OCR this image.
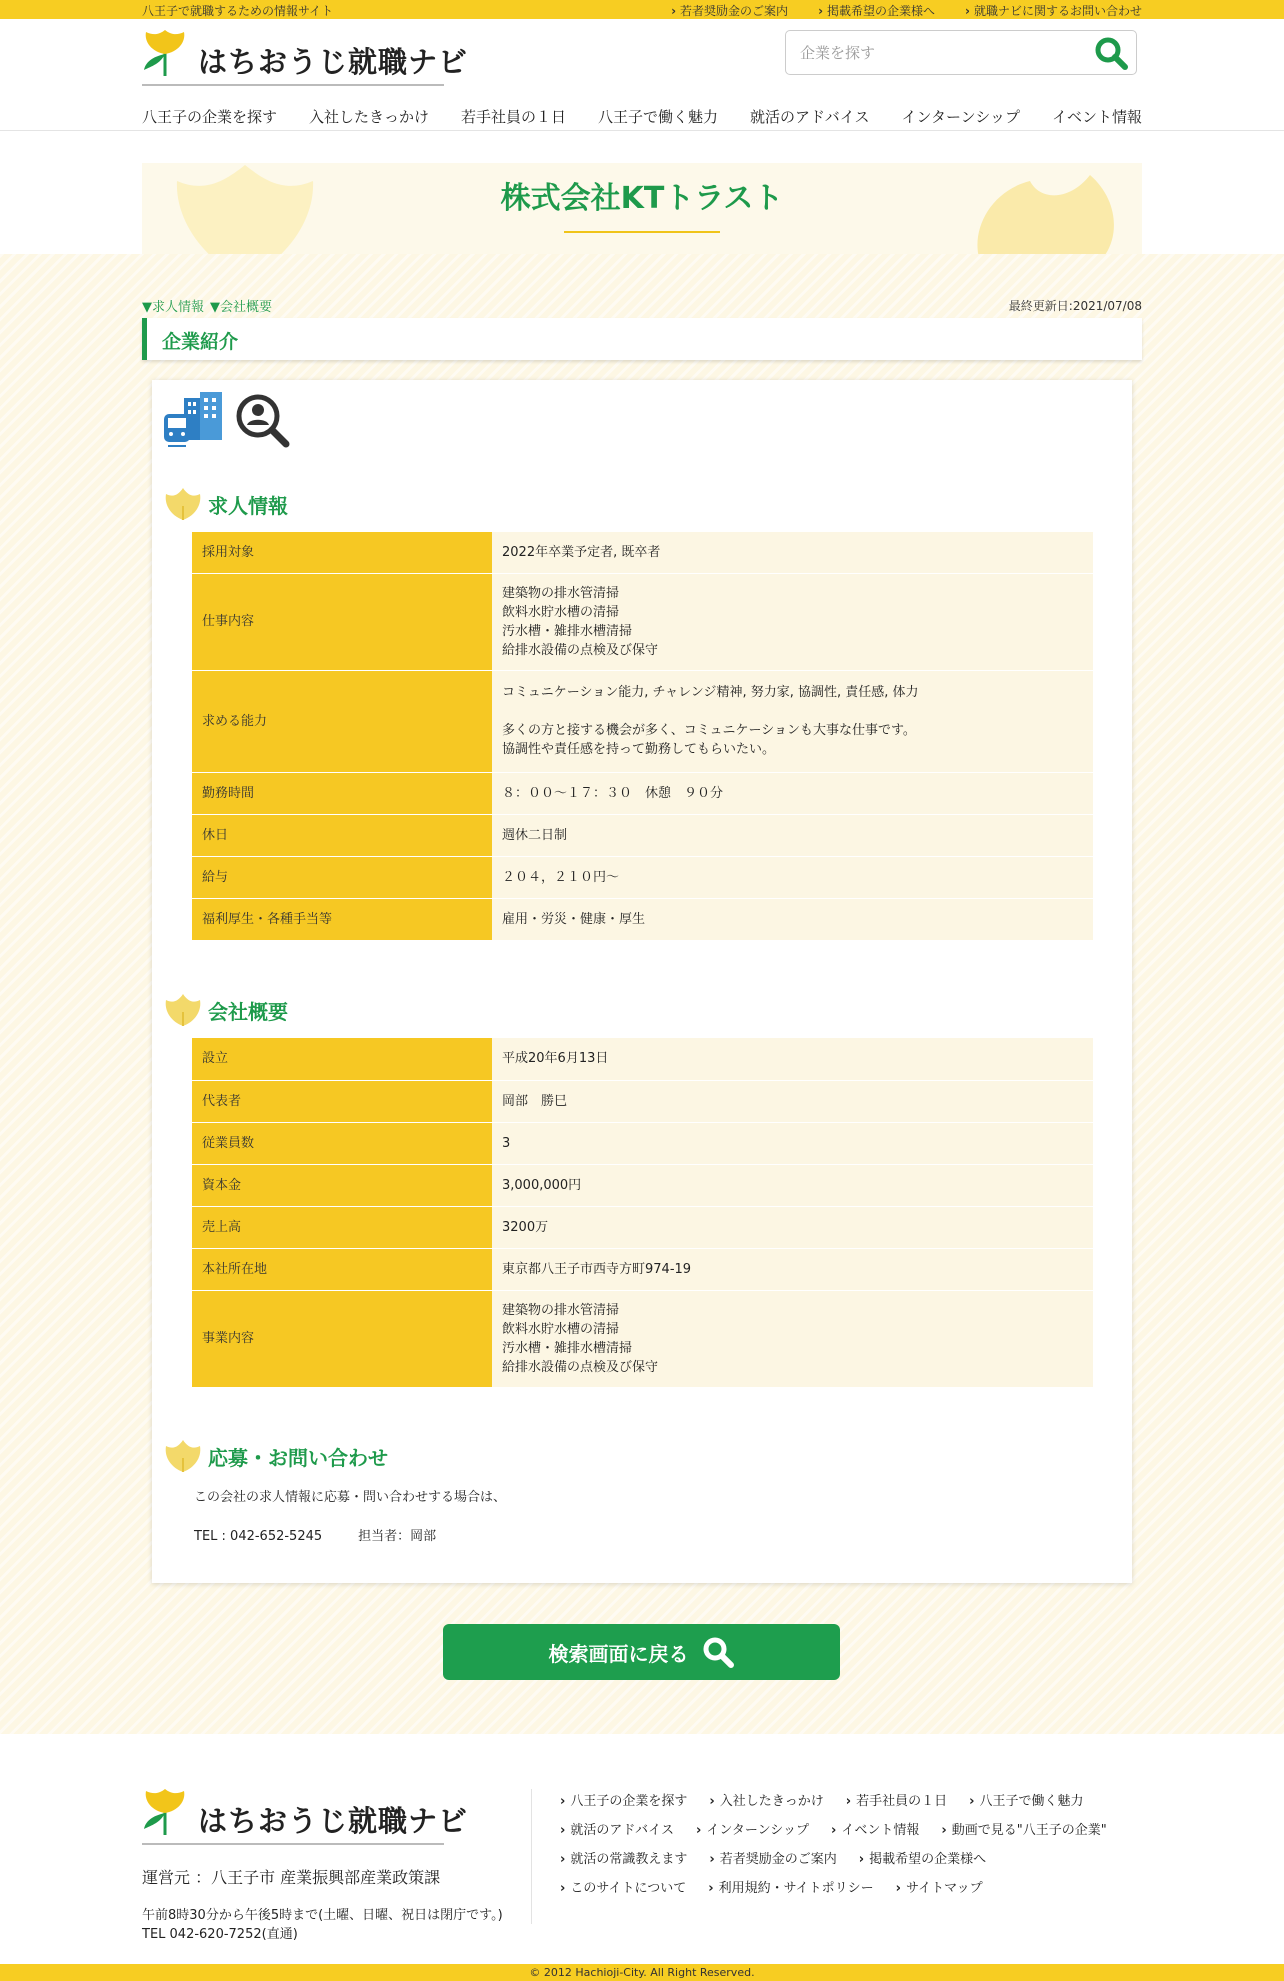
八王子で就職するための情報サイト	› 若者奨励金のご案内	› 掲載希望の企業様へ	› 就職ナビに関するお問い合わせ
はちおうじ就職ナビ
企業を探す
八王子の企業を探す 入社したきっかけ 若手社員の１日 八王子で働く魅力 就活のアドバイス インターンシップ イベント情報
株式会社KTトラスト
▼求人情報 ▼会社概要	最終更新日:2021/07/08
企業紹介
求人情報
採用対象	2022年卒業予定者, 既卒者

仕事内容	建築物の排水管清掃
飲料水貯水槽の清掃
汚水槽・雑排水槽清掃
給排水設備の点検及び保守

求める能力	コミュニケーション能力, チャレンジ精神, 努力家, 協調性, 責任感, 体力
多くの方と接する機会が多く、コミュニケーションも大事な仕事です。
協調性や責任感を持って勤務してもらいたい。

勤務時間	８：００～１７：３０　休憩　９０分

休日	週休二日制

給与	２０４，２１０円～

福利厚生・各種手当等	雇用・労災・健康・厚生
会社概要
設立	平成20年6月13日

代表者	岡部　勝巳

従業員数	3

資本金	3,000,000円

売上高	3200万

本社所在地	東京都八王子市西寺方町974-19

事業内容	建築物の排水管清掃
飲料水貯水槽の清掃
汚水槽・雑排水槽清掃
給排水設備の点検及び保守
応募・お問い合わせ
この会社の求人情報に応募・問い合わせする場合は、
TEL : 042-652-5245	担当者：岡部
検索画面に戻る
はちおうじ就職ナビ
運営元 ：八王子市 産業振興部産業政策課
午前8時30分から午後5時まで(土曜、日曜、祝日は閉庁です。)
TEL 042-620-7252(直通)
› 八王子の企業を探す	› 入社したきっかけ	› 若手社員の１日	› 八王子で働く魅力
› 就活のアドバイス	› インターンシップ	› イベント情報	› 動画で見る"八王子の企業"
› 就活の常識教えます	› 若者奨励金のご案内	› 掲載希望の企業様へ
› このサイトについて	› 利用規約・サイトポリシー	› サイトマップ
© 2012 Hachioji-City. All Right Reserved.
